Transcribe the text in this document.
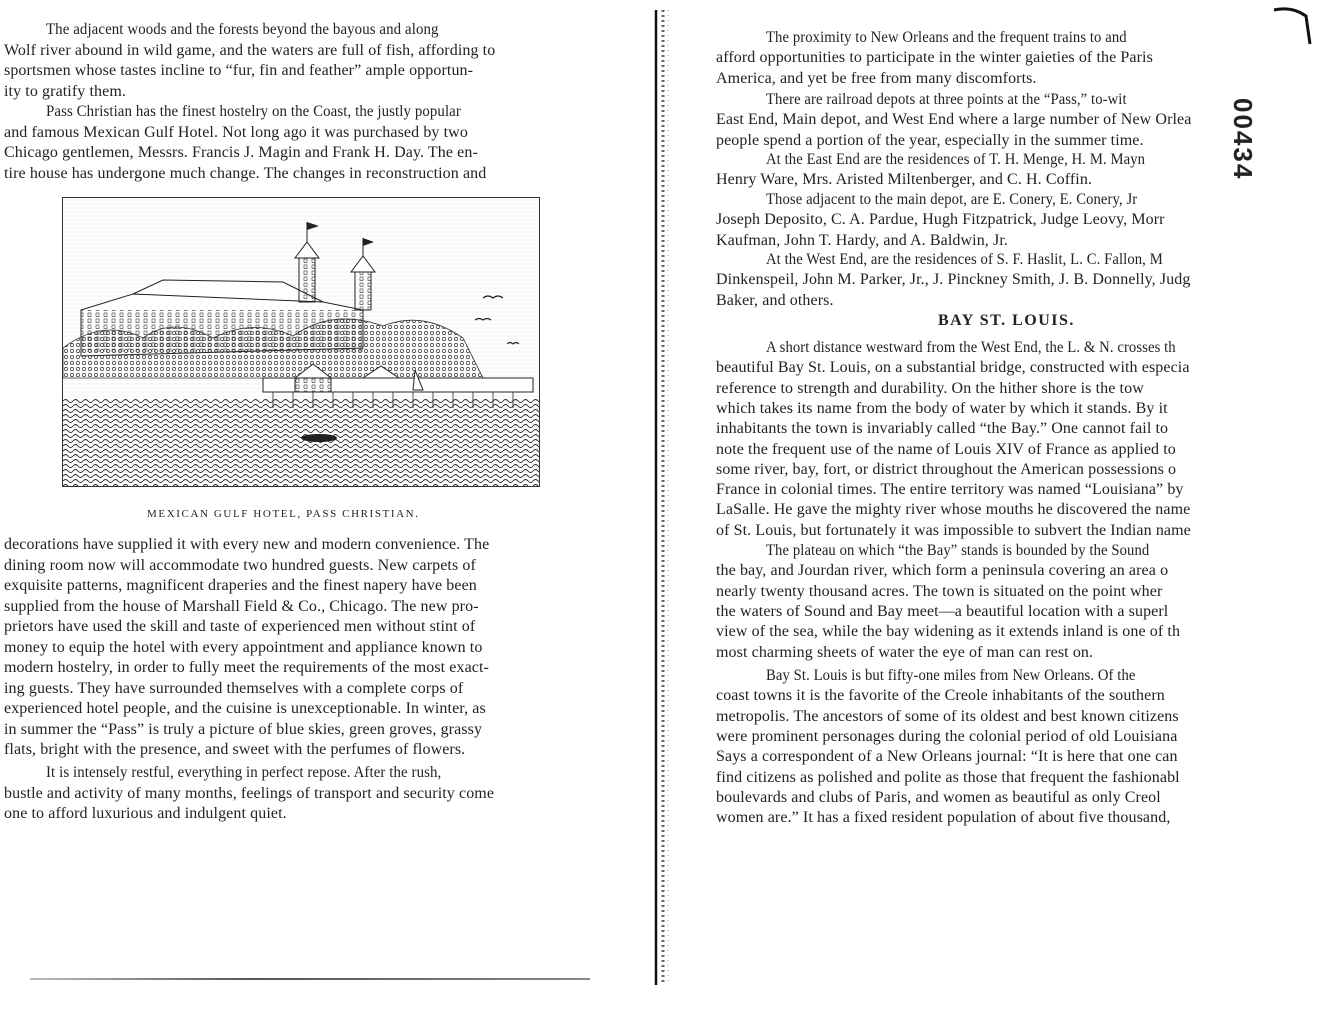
The adjacent woods and the forests beyond the bayous and along
Wolf river abound in wild game, and the waters are full of fish, affording to
sportsmen whose tastes incline to “fur, fin and feather” ample opportun-
ity to gratify them.
Pass Christian has the finest hostelry on the Coast, the justly popular
and famous Mexican Gulf Hotel. Not long ago it was purchased by two
Chicago gentlemen, Messrs. Francis J. Magin and Frank H. Day. The en-
tire house has undergone much change. The changes in reconstruction and
decorations have supplied it with every new and modern convenience. The
dining room now will accommodate two hundred guests. New carpets of
exquisite patterns, magnificent draperies and the finest napery have been
supplied from the house of Marshall Field & Co., Chicago. The new pro-
prietors have used the skill and taste of experienced men without stint of
money to equip the hotel with every appointment and appliance known to
modern hostelry, in order to fully meet the requirements of the most exact-
ing guests. They have surrounded themselves with a complete corps of
experienced hotel people, and the cuisine is unexceptionable. In winter, as
in summer the “Pass” is truly a picture of blue skies, green groves, grassy
flats, bright with the presence, and sweet with the perfumes of flowers.
It is intensely restful, everything in perfect repose. After the rush,
bustle and activity of many months, feelings of transport and security come
one to afford luxurious and indulgent quiet.
MEXICAN GULF HOTEL, PASS CHRISTIAN.
The proximity to New Orleans and the frequent trains to and
afford opportunities to participate in the winter gaieties of the Paris
America, and yet be free from many discomforts.
There are railroad depots at three points at the “Pass,” to-wit
East End, Main depot, and West End where a large number of New Orlea
people spend a portion of the year, especially in the summer time.
At the East End are the residences of T. H. Menge, H. M. Mayn
Henry Ware, Mrs. Aristed Miltenberger, and C. H. Coffin.
Those adjacent to the main depot, are E. Conery, E. Conery, Jr
Joseph Deposito, C. A. Pardue, Hugh Fitzpatrick, Judge Leovy, Morr
Kaufman, John T. Hardy, and A. Baldwin, Jr.
At the West End, are the residences of S. F. Haslit, L. C. Fallon, M
Dinkenspeil, John M. Parker, Jr., J. Pinckney Smith, J. B. Donnelly, Judg
Baker, and others.
A short distance westward from the West End, the L. & N. crosses th
beautiful Bay St. Louis, on a substantial bridge, constructed with especia
reference to strength and durability. On the hither shore is the tow
which takes its name from the body of water by which it stands. By it
inhabitants the town is invariably called “the Bay.” One cannot fail to
note the frequent use of the name of Louis XIV of France as applied to
some river, bay, fort, or district throughout the American possessions o
France in colonial times. The entire territory was named “Louisiana” by
LaSalle. He gave the mighty river whose mouths he discovered the name
of St. Louis, but fortunately it was impossible to subvert the Indian name
The plateau on which “the Bay” stands is bounded by the Sound
the bay, and Jourdan river, which form a peninsula covering an area o
nearly twenty thousand acres. The town is situated on the point wher
the waters of Sound and Bay meet—a beautiful location with a superl
view of the sea, while the bay widening as it extends inland is one of th
most charming sheets of water the eye of man can rest on.
Bay St. Louis is but fifty-one miles from New Orleans. Of the
coast towns it is the favorite of the Creole inhabitants of the southern
metropolis. The ancestors of some of its oldest and best known citizens
were prominent personages during the colonial period of old Louisiana
Says a correspondent of a New Orleans journal: “It is here that one can
find citizens as polished and polite as those that frequent the fashionabl
boulevards and clubs of Paris, and women as beautiful as only Creol
women are.” It has a fixed resident population of about five thousand,
BAY ST. LOUIS.
00434
